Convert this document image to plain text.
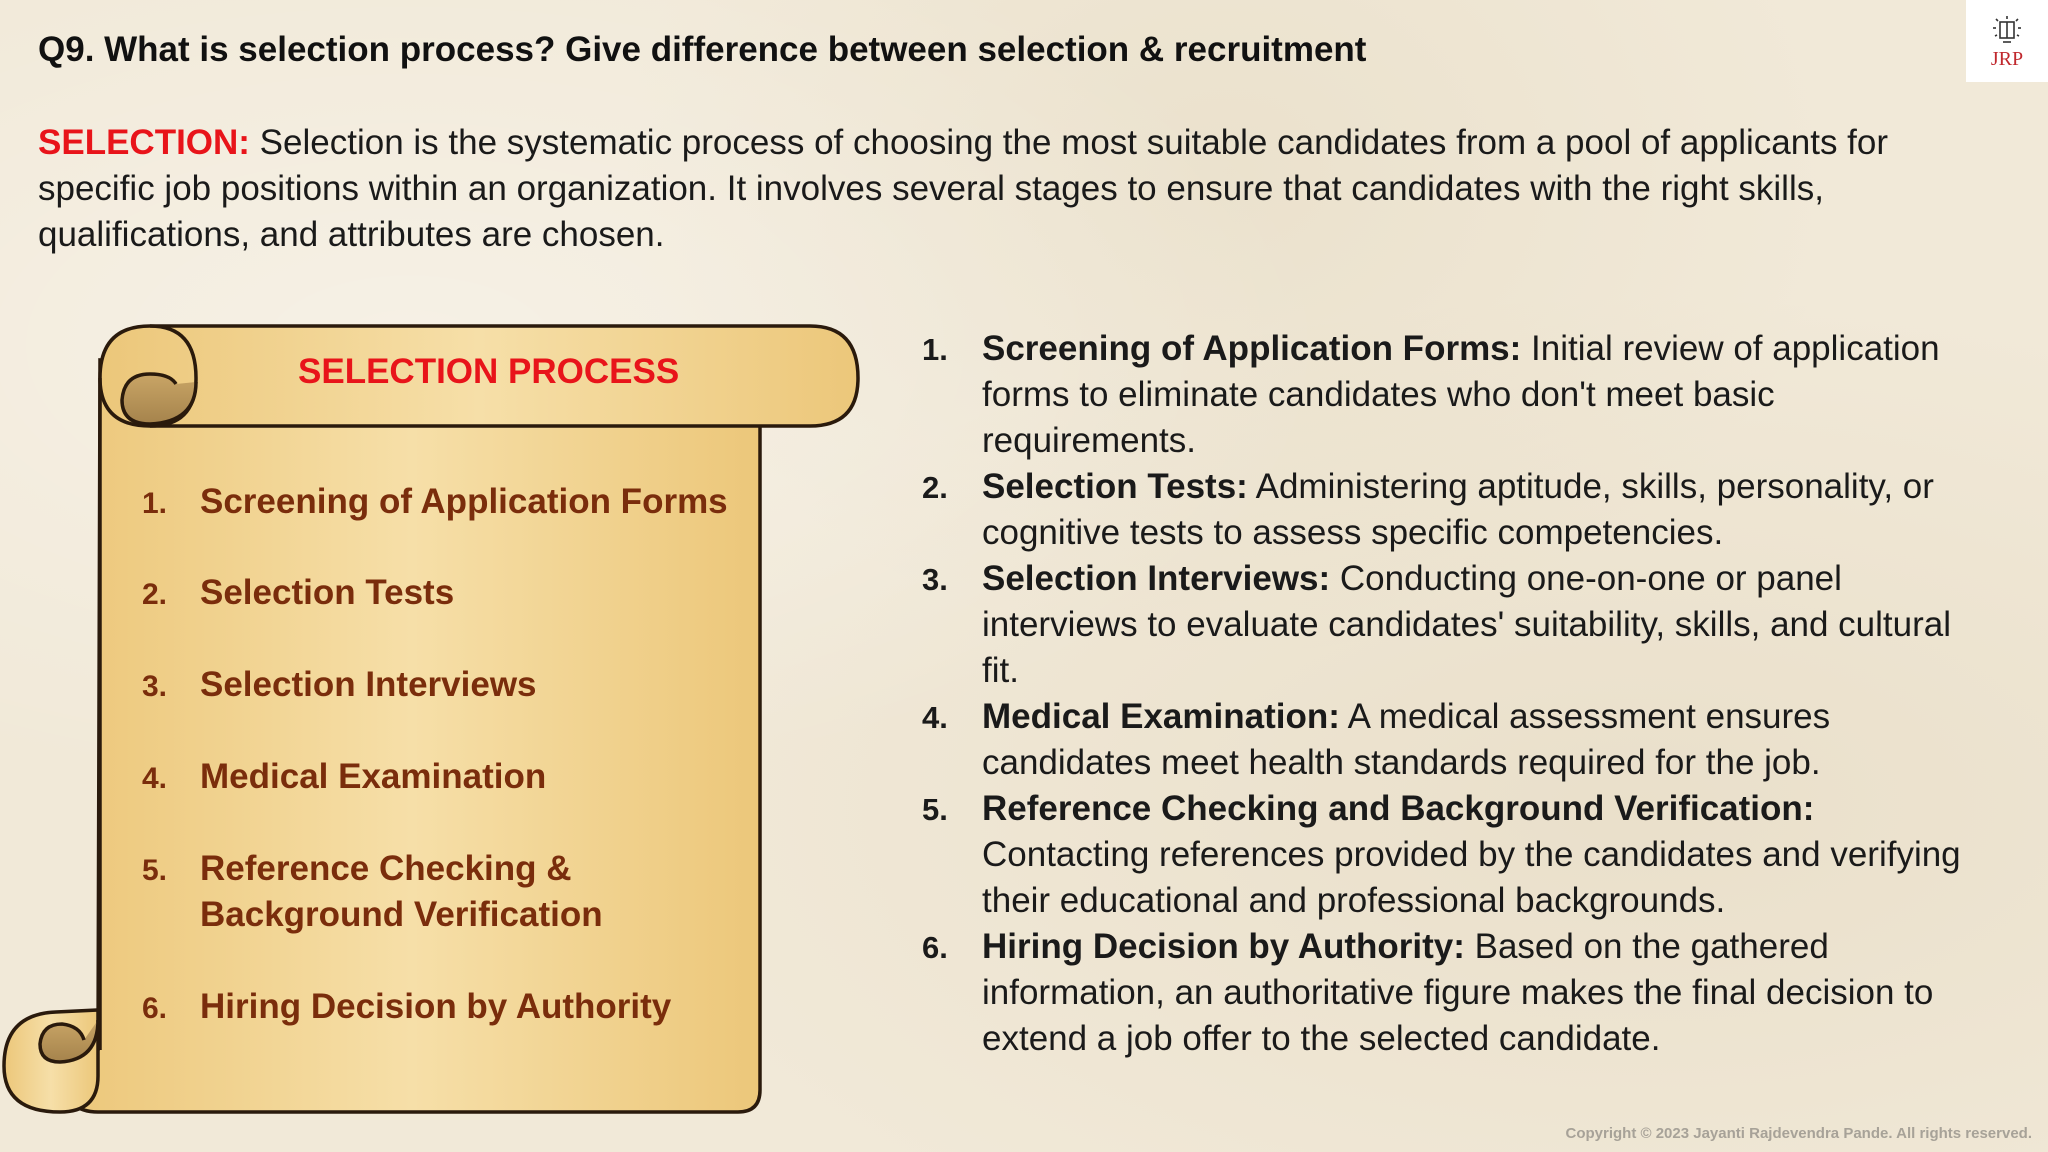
Q9. What is selection process? Give difference between selection & recruitment
SELECTION: Selection is the systematic process of choosing the most suitable candidates from a pool of applicants for specific job positions within an organization. It involves several stages to ensure that candidates with the right skills, qualifications, and attributes are chosen.
JRP
SELECTION PROCESS
1. Screening of Application Forms
2. Selection Tests
3. Selection Interviews
4. Medical Examination
5. Reference Checking &
Background Verification
6. Hiring Decision by Authority
1. Screening of Application Forms: Initial review of application forms to eliminate candidates who don't meet basic requirements.
2. Selection Tests: Administering aptitude, skills, personality, or cognitive tests to assess specific competencies.
3. Selection Interviews: Conducting one-on-one or panel interviews to evaluate candidates' suitability, skills, and cultural fit.
4. Medical Examination: A medical assessment ensures candidates meet health standards required for the job.
5. Reference Checking and Background Verification: Contacting references provided by the candidates and verifying their educational and professional backgrounds.
6. Hiring Decision by Authority: Based on the gathered information, an authoritative figure makes the final decision to extend a job offer to the selected candidate.
Copyright © 2023 Jayanti Rajdevendra Pande. All rights reserved.
